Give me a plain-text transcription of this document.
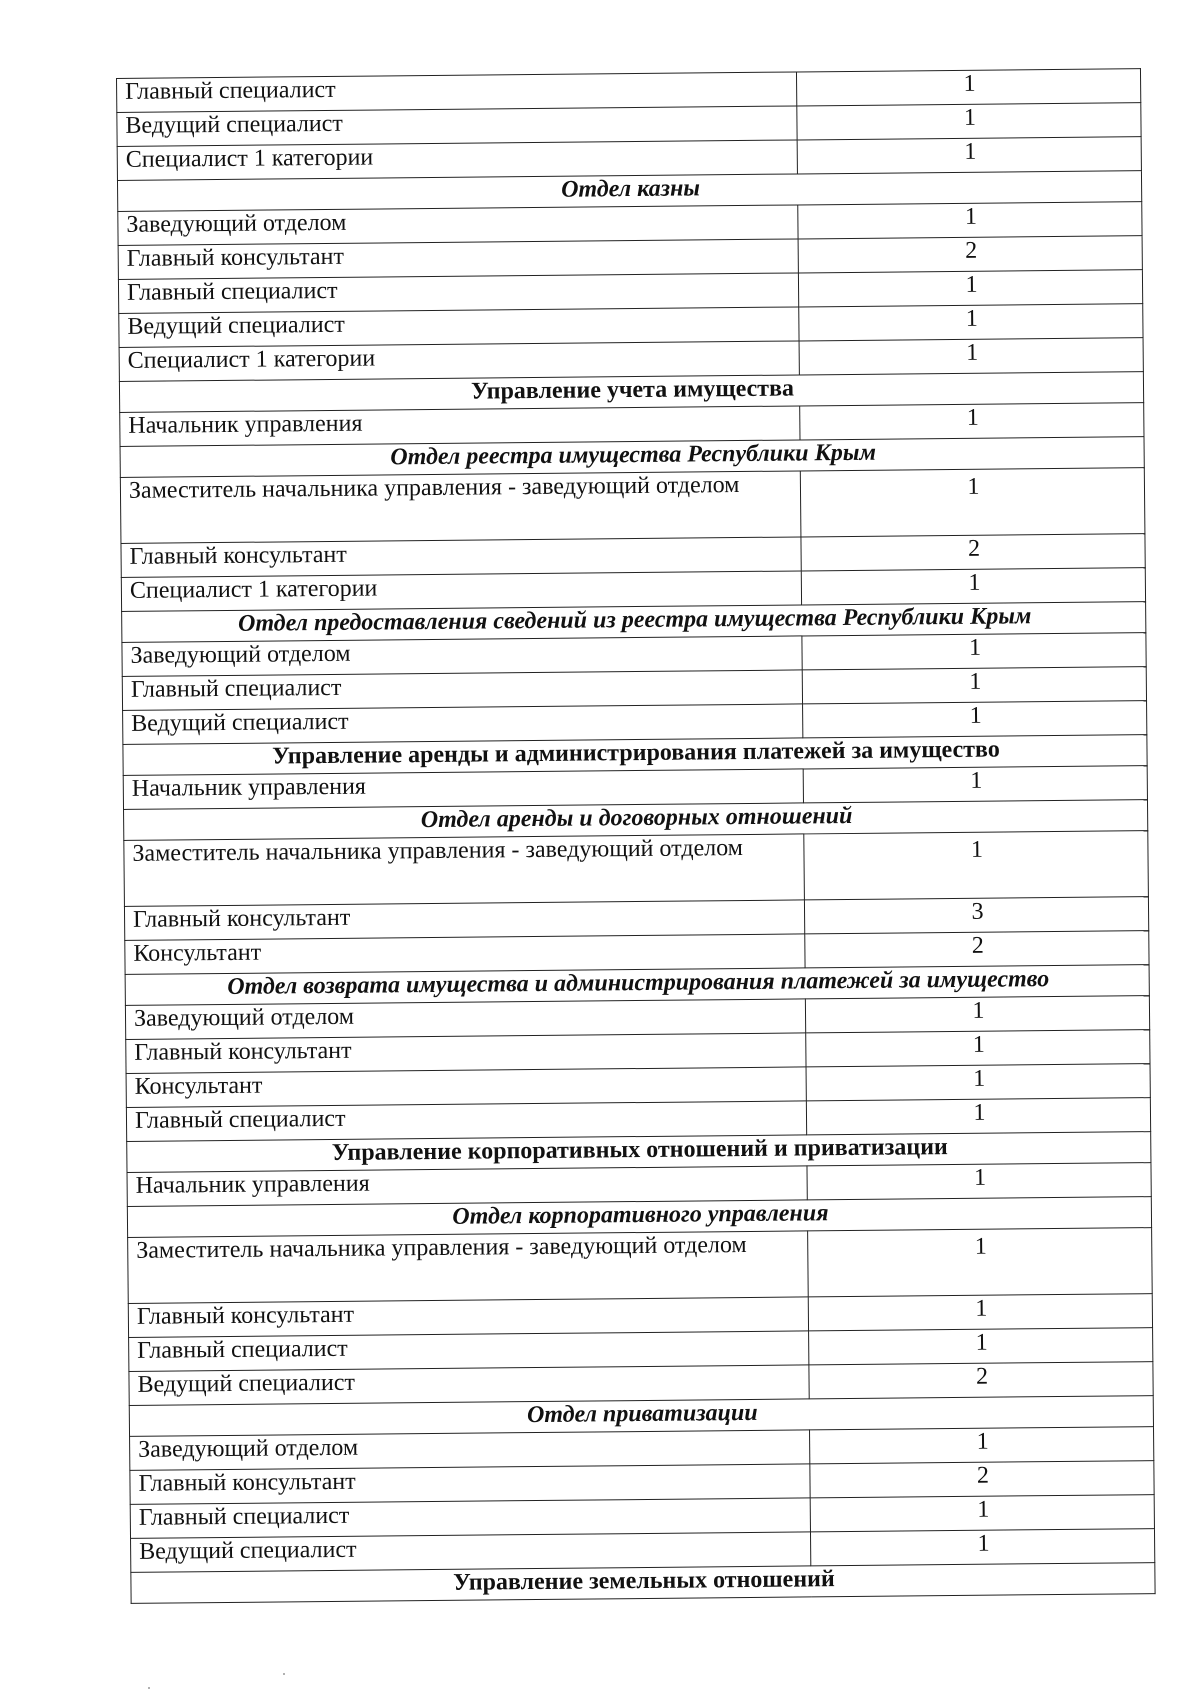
Главный специалист	1
Ведущий специалист	1
Специалист 1 категории	1
Отдел казны	
Заведующий отделом	1
Главный консультант	2
Главный специалист	1
Ведущий специалист	1
Специалист 1 категории	1
Управление учета имущества	
Начальник управления	1
Отдел реестра имущества Республики Крым	
Заместитель начальника управления - заведующий отделом	1
Главный консультант	2
Специалист 1 категории	1
Отдел предоставления сведений из реестра имущества Республики Крым	
Заведующий отделом	1
Главный специалист	1
Ведущий специалист	1
Управление аренды и администрирования платежей за имущество	
Начальник управления	1
Отдел аренды и договорных отношений	
Заместитель начальника управления - заведующий отделом	1
Главный консультант	3
Консультант	2
Отдел возврата имущества и администрирования платежей за имущество	
Заведующий отделом	1
Главный консультант	1
Консультант	1
Главный специалист	1
Управление корпоративных отношений и приватизации	
Начальник управления	1
Отдел корпоративного управления	
Заместитель начальника управления - заведующий отделом	1
Главный консультант	1
Главный специалист	1
Ведущий специалист	2
Отдел приватизации	
Заведующий отделом	1
Главный консультант	2
Главный специалист	1
Ведущий специалист	1
Управление земельных отношений	
